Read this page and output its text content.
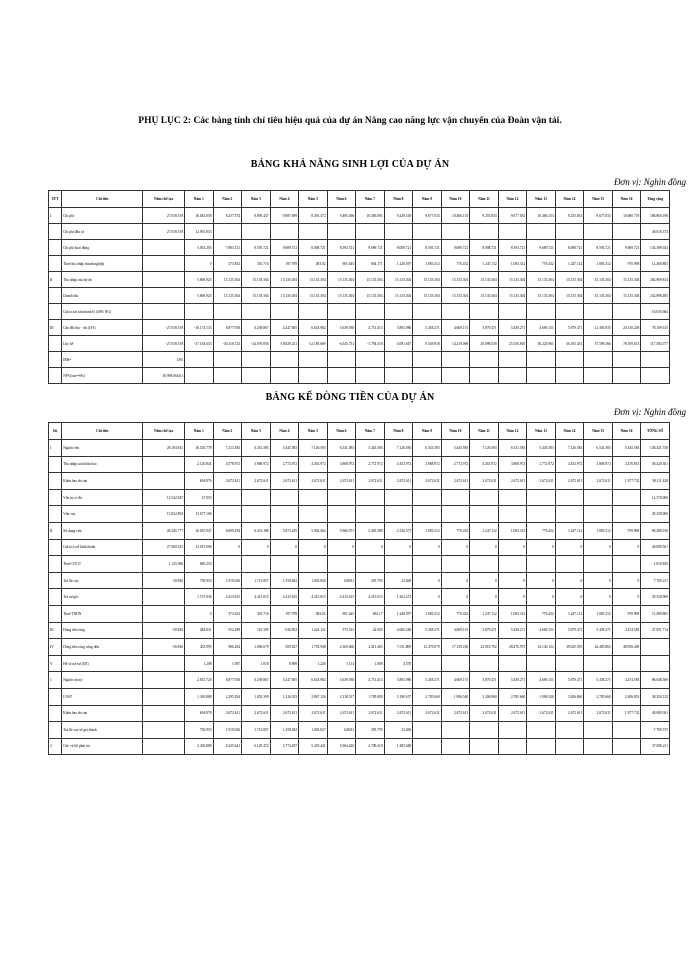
PHỤ LỤC 2: Các bảng tính chỉ tiêu hiệu quả của dự án Nâng cao năng lực vận chuyển của Đoàn vận tải.
BẢNG KHẢ NĂNG SINH LỢI CỦA DỰ ÁN
Đơn vị: Nghìn đồng
STT	Chỉ tiêu	Năm chế tạo	Năm 1	Năm 2	Năm 3	Năm 4	Năm 5	Năm 6	Năm 7	Năm 8	Năm 9	Năm 10	Năm 11	Năm 12	Năm 13	Năm 14	Năm 15	Năm 16	Tổng cộng
I	Chi phí	27.018.519	16.043.058	8.257.574	8.895.437	9.887.699	8.491.472	9.495.366	10.383.891	9.249.318	9.677.033	10.466.153	9.255.833	9.677.033	10.466.153	9.255.833	9.677.033	10.680.719	186.860.198
	Chi phí đầu tư	27.018.519	12.991.853																40.010.373
	Chi phí hoạt động		3.053.205	7.883.721	8.593.721	9.689.721	8.008.721	8.593.721	9.689.721	8.008.721	8.593.721	9.689.721	8.008.721	8.593.721	9.689.721	8.008.721	8.593.721	9.689.721	134.389.023
	Thuế thu nhập doanh nghiệp		0	373.852	301.716	197.978	483.02	901.645	694.171	1.240.597	1.083.312	776.432	1.247.112	1.083.312	776.432	1.247.112	1.083.312	970.998	12.460.803
II	Thu nhập của dự án		5.868.925	15.135.304	15.135.304	15.135.304	15.135.304	15.135.304	15.135.304	15.135.304	15.135.304	15.135.304	15.135.304	15.135.304	15.135.304	15.135.304	15.135.304	15.135.304	264.969.814
	Doanh thu		5.868.925	15.135.304	15.135.304	15.135.304	15.135.304	15.135.304	15.135.304	15.135.304	15.135.304	15.135.304	15.135.304	15.135.304	15.135.304	15.135.304	15.135.304	15.135.304	232.898.485
	Giá trị tài sản thanh lý (40% NG)																		16.035.664
III	Cân đối thu - chi (II-I)	-27.018.519	-10.174.133	6.877.930	6.239.867	4.247.605	6.643.982	5.639.938	4.751.413	5.885.986	5.458.271	4.669.151	5.879.471	5.458.271	4.669.151	5.879.471	21.493.935	20.510.249	78.109.615
	Lũy kế	-27.018.519	-37.194.653	-30.316.723	-24.076.856	-18.829.251	-12.185.669	-6.545.731	-1.794.318	4.091.647	9.549.918	14.219.069	20.098.539	25.556.810	30.225.961	36.105.431	57.599.366	78.109.615	117.584.577
	IRR=	14%																	
	NPV(rate=6%)	16.998.064,61																	
BẢNG KẾ DÒNG TIỀN CỦA DỰ ÁN
Đơn vị: Nghìn đồng
Stt	Chỉ tiêu	Năm chế tạo	Năm 1	Năm 2	Năm 3	Năm 4	Năm 5	Năm 6	Năm 7	Năm 8	Năm 9	Năm 10	Năm 11	Năm 12	Năm 13	Năm 14	Năm 15	Năm 16	TỔNG SỐ
I	Nguồn vốn	28.184.941	16.520.778	7.213.583	6.451.583	5.445.583	7.126.583	6.541.583	5.445.583	7.126.583	6.541.583	5.445.583	7.126.583	6.541.583	5.445.583	7.126.583	6.541.583	5.445.583	138.431.730
	Thu nhập sau khấu hao		2.120.841	4.578.972	3.868.972	2.772.972	4.453.972	3.868.972	2.772.972	4.453.972	3.868.972	2.772.972	4.453.972	3.868.972	2.772.972	4.453.972	3.868.972	3.476.851	58.420.301
	Khấu hao tài sản		694.876	2.672.611	2.672.611	2.672.611	2.672.611	2.672.611	2.672.611	2.672.611	2.672.611	2.672.611	2.672.611	2.672.611	2.672.611	2.672.611	2.672.611	1.977.732	38.111.429
	Vốn tự có đủ	12.542.047	27.953																12.570.000
	Vốn vay	15.652.894	13.677.106																29.330.000
II	Sử dụng vốn	28.245.777	16.035.947	6.699.294	6.431.188	5.972.435	5.902.462	5.966.071	5.403.588	2.526.573	1.083.312	776.432	1.247.112	1.083.312	776.432	1.247.112	1.083.312	970.998	90.480.016
	Giá trị tscđ hình thành	27.069.355	13.019.006	0	0	0	0	0	0	0	0	0	0	0	0	0	0	0	40.089.361
	Thuế GTGT	1.125.586	685.253																1.810.839
	Trả lãi vay	50.836	756.953	1.910.026	1.713.857	1.358.842	1.003.826	648.81	293.795	23.268	0	0	0	0	0	0	0	0	7.760.211
	Trả nợ gốc		1.573.936	4.415.615	4.415.615	4.415.615	4.415.615	4.415.615	4.415.615	1.262.272	0	0	0	0	0	0	0	0	29.330.000
	Thuế TNDN		0	373.652	301.716	197.978	483.02	901.645	694.17	1.240.597	1.083.312	776.432	1.247.112	1.083.312	776.432	1.247.112	1.083.312	970.998	11.489.805
III	Dòng tiền ròng	-50.836	484.831	552.289	110.395	-526.852	1.224.121	575.512	42.005	4.600.248	5.458.271	4.669.151	5.879.471	5.458.271	4.669.151	5.879.471	5.458.271	4.474.585	47.951.714
IV	Dòng tiền ròng cộng dồn	-50.836	433.995	986.284	1.096.679	569.827	1.793.948	2.369.460	2.411.465	7.011.809	12.470.079	17.139.230	23.018.702	28.476.973	33.146.122	39.025.595	44.483.865	48.958.449	
V	Hệ số trả nợ (I/II)		1.208	1.087	1.018	0.909	1.226	1.114	1.009	4.578									
1	Nguồn trả nợ		2.815.720	6.877.930	6.239.867	5.247.605	6.643.982	5.639.938	4.751.413	5.885.986	5.458.271	4.669.151	5.879.471	5.458.271	4.669.151	5.879.471	5.458.271	4.474.585	86.048.569
	LNST		1.363.888	2.295.294	1.853.399	1.216.353	2.867.126	2.318.517	1.785.000	3.190.107	2.785.660	1.996.540	3.206.860	2.785.660	1.996.540	3.206.860	2.785.660	2.496.853	38.250.125
	Khấu hao tài sản		694.876	2.672.611	2.672.611	2.672.611	2.672.611	2.672.611	2.672.611	2.672.611	2.672.611	2.672.611	2.672.611	2.672.611	2.672.611	2.672.611	2.672.611	1.977.732	40.089.361
	Trả lãi vay từ giá thành		756.953	1.910.026	1.713.857	1.358.842	1.003.827	648.81	293.795	23.268									7.709.375
2	Gốc và lãi phải trả		2.330.889	6.325.641	6.129.472	5.774.457	5.419.441	5.064.426	4.709.410	1.285.648									37.090.211
